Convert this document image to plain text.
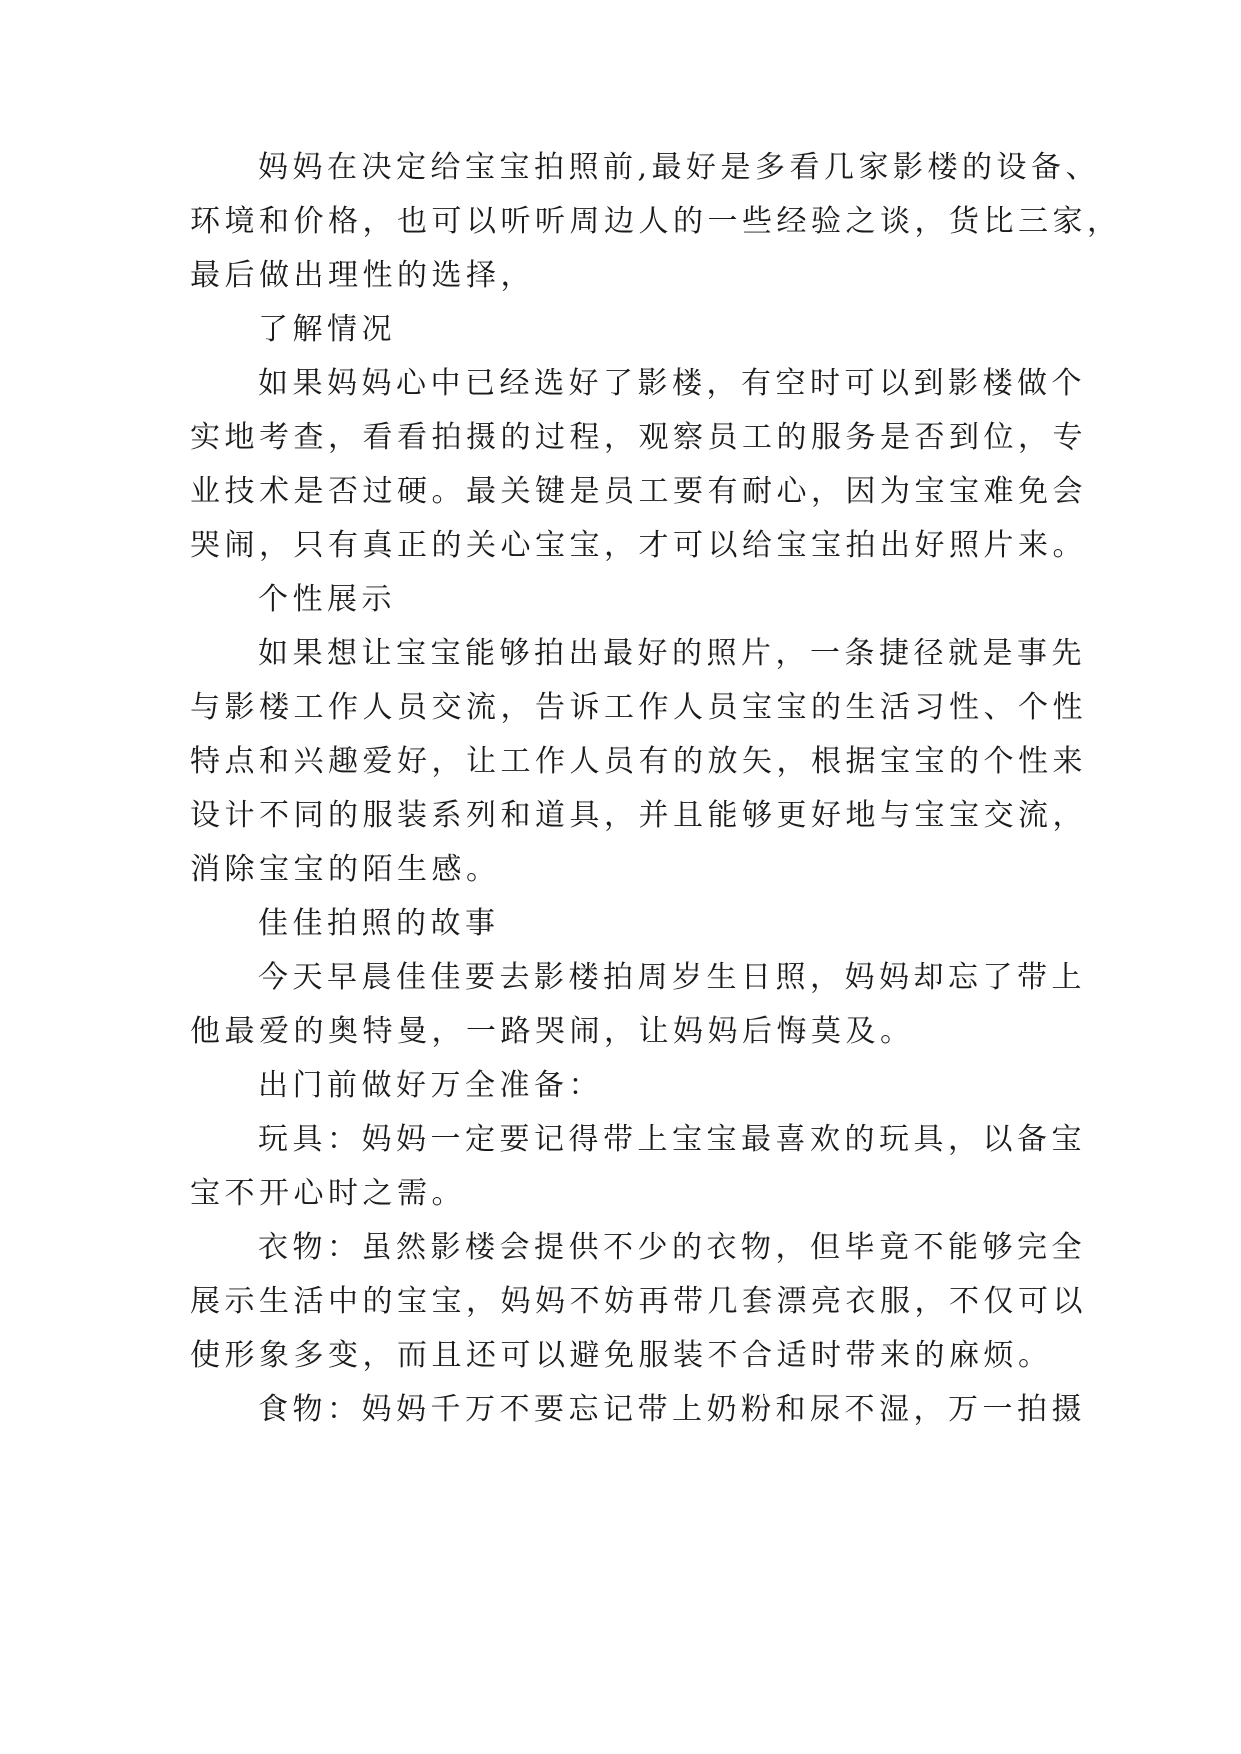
妈妈在决定给宝宝拍照前,最好是多看几家影楼的设备、
环境和价格，也可以听听周边人的一些经验之谈，货比三家，
最后做出理性的选择，
了解情况
如果妈妈心中已经选好了影楼，有空时可以到影楼做个
实地考查，看看拍摄的过程，观察员工的服务是否到位，专
业技术是否过硬。最关键是员工要有耐心，因为宝宝难免会
哭闹，只有真正的关心宝宝，才可以给宝宝拍出好照片来。
个性展示
如果想让宝宝能够拍出最好的照片，一条捷径就是事先
与影楼工作人员交流，告诉工作人员宝宝的生活习性、个性
特点和兴趣爱好，让工作人员有的放矢，根据宝宝的个性来
设计不同的服装系列和道具，并且能够更好地与宝宝交流，
消除宝宝的陌生感。
佳佳拍照的故事
今天早晨佳佳要去影楼拍周岁生日照，妈妈却忘了带上
他最爱的奥特曼，一路哭闹，让妈妈后悔莫及。
出门前做好万全准备：
玩具：妈妈一定要记得带上宝宝最喜欢的玩具，以备宝
宝不开心时之需。
衣物：虽然影楼会提供不少的衣物，但毕竟不能够完全
展示生活中的宝宝，妈妈不妨再带几套漂亮衣服，不仅可以
使形象多变，而且还可以避免服装不合适时带来的麻烦。
食物：妈妈千万不要忘记带上奶粉和尿不湿，万一拍摄
